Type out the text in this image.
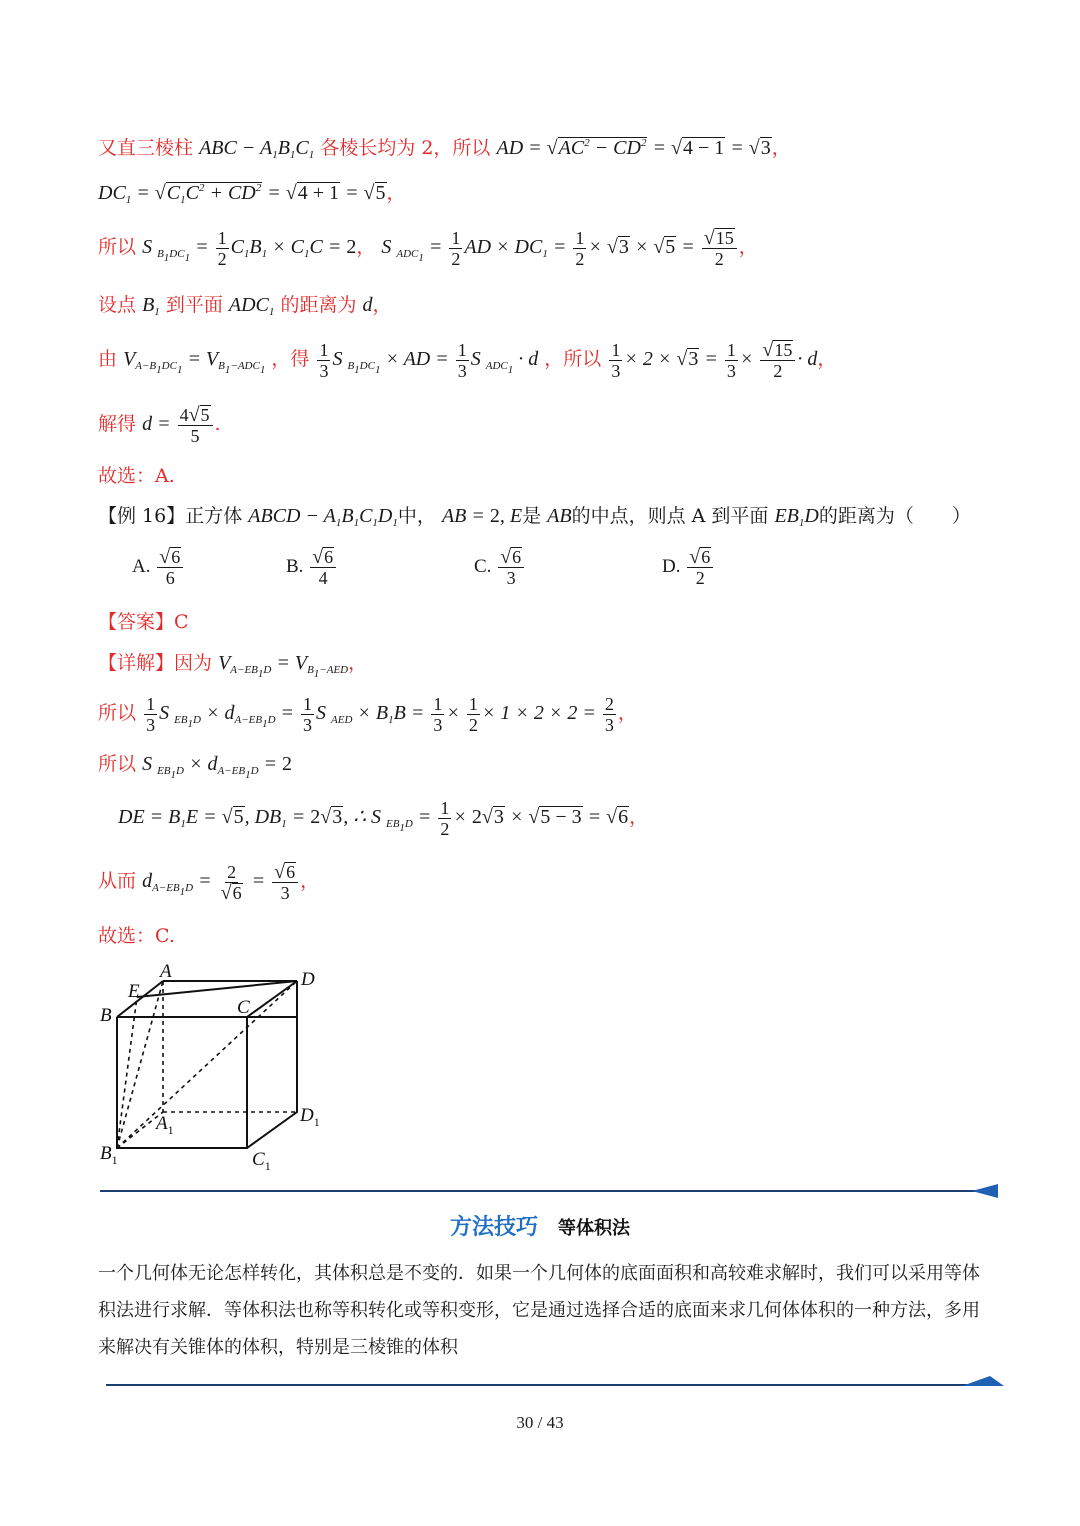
又直三棱柱 ABC − $A_1B_1C_1$ 各棱长均为 2，所以 AD = $√AC^2 - CD^2 = √4 - 1 = √3$，
$DC_1 = √C_1C^2 + CD^2 = √4 + 1 = √5$，
所以 S $_{B_1DC_1} = \frac{1}{2} C_1B_1 \times C_1C = 2$， S $_{ADC_1} = \frac{1}{2}$ AD × $DC_1 = \frac{1}{2} \times √3 \times √5 = \frac{√15}{2}$ ，
设点 $B_1$ 到平面 $ADC_1$ 的距离为 d，
由 $V_{A-B_1DC_1} = V_{B_1-ADC_1}$ ，得 $\frac{1}{3}$ S $_{B_1DC_1}$ × AD = $\frac{1}{3}$ S $_{ADC_1}$ · d ，所以 $\frac{1}{3} \times 2 \times √3 = \frac{1}{3} \times \frac{√15}{2} \cdot d$，
解得 $d = \frac{4√5}{5}$ .
故选：A.
【例 16】正方体 ABCD − $A_1B_1C_1D_1$中， AB = 2, E是 AB的中点，则点 A 到平面 $EB_1D$的距离为（　　）
A. $\frac{√6}{6}$	B. $\frac{√6}{4}$	C. $\frac{√6}{3}$	D. $\frac{√6}{2}$
【答案】C
【详解】因为 $V_{A-EB_1D} = V_{B_1-AED}$，
所以 $\frac{1}{3}$ S $_{EB_1D} \times d_{A-EB_1D} = \frac{1}{3}$ S $_{AED} \times B_1B = \frac{1}{3} \times \frac{1}{2} \times 1 \times 2 \times 2 = \frac{2}{3}$ ，
所以 S $_{EB_1D} \times d_{A-EB_1D} = 2$
DE = $B_1E = √5$, $DB_1 = 2√3$, ∴ S $_{EB_1D} = \frac{1}{2} \times 2√3 \times √5 - 3 = √6$，
从而 $d_{A-EB_1D} = \frac{2}{√6} = \frac{√6}{3}$ ，
故选：C.
A
E
B	C
D
$A_1$
$D_1$
$B_1$	$C_1$
方法技巧 等体积法
一个几何体无论怎样转化，其体积总是不变的．如果一个几何体的底面面积和高较难求解时，我们可以采用等体积法进行求解．等体积法也称等积转化或等积变形，它是通过选择合适的底面来求几何体体积的一种方法，多用来解决有关锥体的体积，特别是三棱锥的体积
30 / 43
